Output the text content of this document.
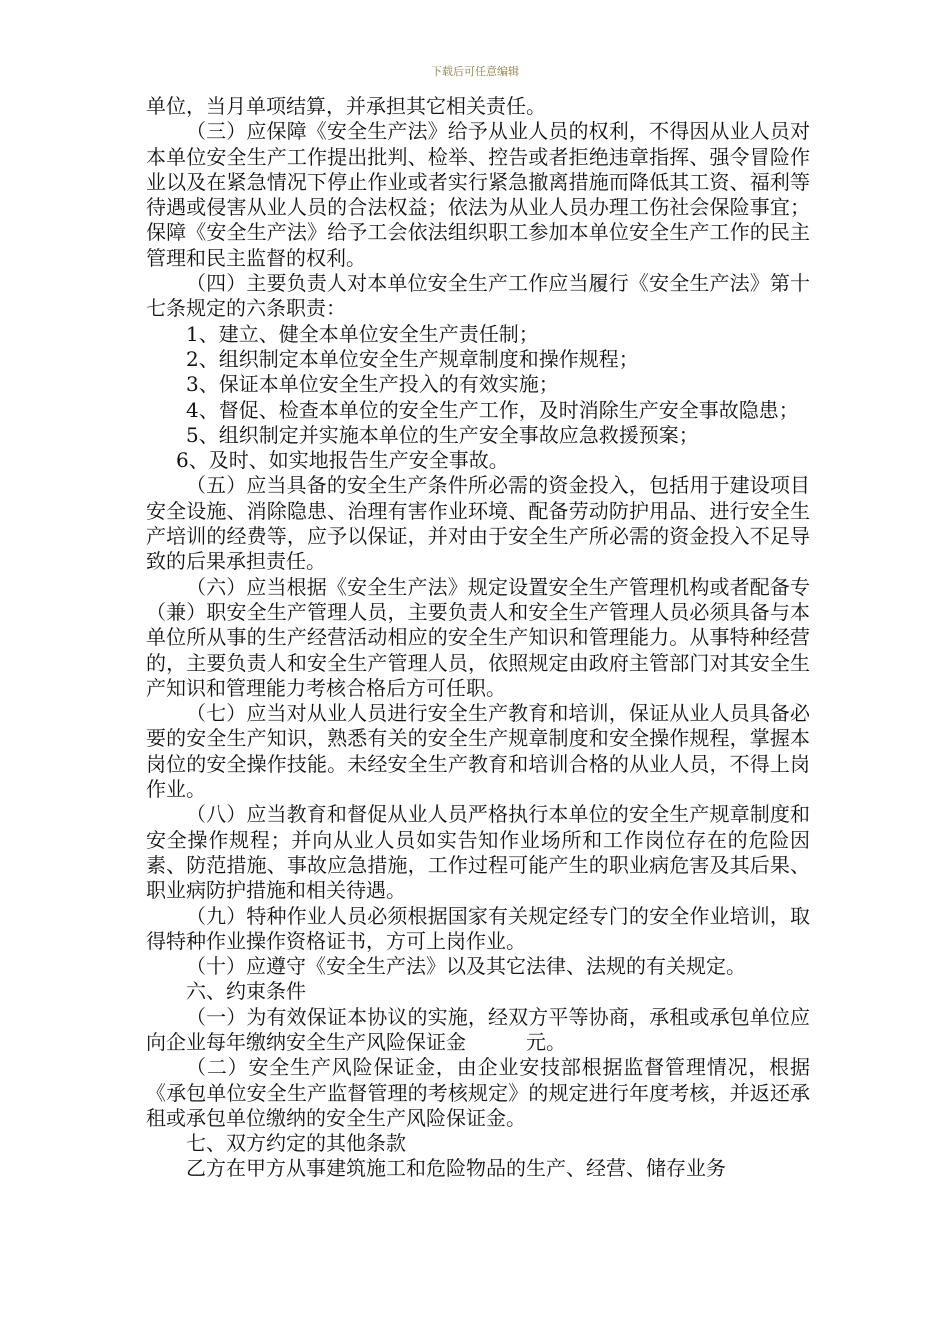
下载后可任意编辑

单位，当月单项结算，并承担其它相关责任。

（三）应保障《安全生产法》给予从业人员的权利，不得因从业人员对本单位安全生产工作提出批判、检举、控告或者拒绝违章指挥、强令冒险作业以及在紧急情况下停止作业或者实行紧急撤离措施而降低其工资、福利等待遇或侵害从业人员的合法权益；依法为从业人员办理工伤社会保险事宜；保障《安全生产法》给予工会依法组织职工参加本单位安全生产工作的民主管理和民主监督的权利。

（四）主要负责人对本单位安全生产工作应当履行《安全生产法》第十七条规定的六条职责：

1、建立、健全本单位安全生产责任制；

2、组织制定本单位安全生产规章制度和操作规程；

3、保证本单位安全生产投入的有效实施；

4、督促、检查本单位的安全生产工作，及时消除生产安全事故隐患；

5、组织制定并实施本单位的生产安全事故应急救援预案；

6、及时、如实地报告生产安全事故。

（五）应当具备的安全生产条件所必需的资金投入，包括用于建设项目安全设施、消除隐患、治理有害作业环境、配备劳动防护用品、进行安全生产培训的经费等，应予以保证，并对由于安全生产所必需的资金投入不足导致的后果承担责任。

（六）应当根据《安全生产法》规定设置安全生产管理机构或者配备专（兼）职安全生产管理人员，主要负责人和安全生产管理人员必须具备与本单位所从事的生产经营活动相应的安全生产知识和管理能力。从事特种经营的，主要负责人和安全生产管理人员，依照规定由政府主管部门对其安全生产知识和管理能力考核合格后方可任职。

（七）应当对从业人员进行安全生产教育和培训，保证从业人员具备必要的安全生产知识，熟悉有关的安全生产规章制度和安全操作规程，掌握本岗位的安全操作技能。未经安全生产教育和培训合格的从业人员，不得上岗作业。

（八）应当教育和督促从业人员严格执行本单位的安全生产规章制度和安全操作规程；并向从业人员如实告知作业场所和工作岗位存在的危险因素、防范措施、事故应急措施，工作过程可能产生的职业病危害及其后果、职业病防护措施和相关待遇。

（九）特种作业人员必须根据国家有关规定经专门的安全作业培训，取得特种作业操作资格证书，方可上岗作业。

（十）应遵守《安全生产法》以及其它法律、法规的有关规定。

六、约束条件

（一）为有效保证本协议的实施，经双方平等协商，承租或承包单位应向企业每年缴纳安全生产风险保证金　　　元。

（二）安全生产风险保证金，由企业安技部根据监督管理情况，根据《承包单位安全生产监督管理的考核规定》的规定进行年度考核，并返还承租或承包单位缴纳的安全生产风险保证金。

七、双方约定的其他条款

乙方在甲方从事建筑施工和危险物品的生产、经营、储存业务
